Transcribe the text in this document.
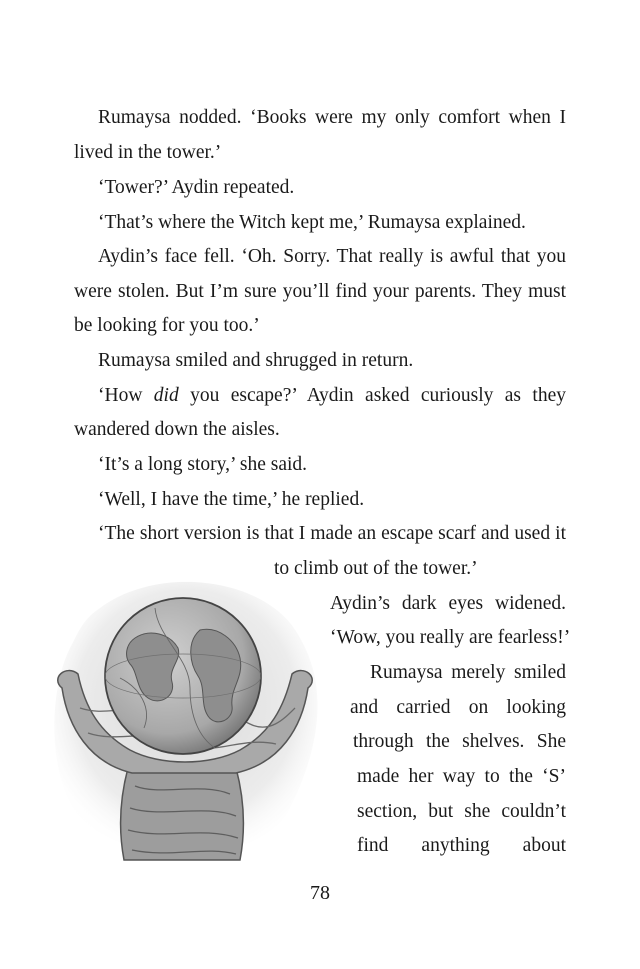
Rumaysa nodded. ‘Books were my only comfort when I
lived in the tower.’
‘Tower?’ Aydin repeated.
‘That’s where the Witch kept me,’ Rumaysa explained.
Aydin’s face fell. ‘Oh. Sorry. That really is awful that you
were stolen. But I’m sure you’ll find your parents. They must
be looking for you too.’
Rumaysa smiled and shrugged in return.
‘How did you escape?’ Aydin asked curiously as they
wandered down the aisles.
‘It’s a long story,’ she said.
‘Well, I have the time,’ he replied.
‘The short version is that I made an escape scarf and used it
to climb out of the tower.’
Aydin’s dark eyes widened.
‘Wow, you really are fearless!’
Rumaysa merely smiled
and carried on looking
through the shelves. She
made her way to the ‘S’
section, but she couldn’t
find anything about
78
